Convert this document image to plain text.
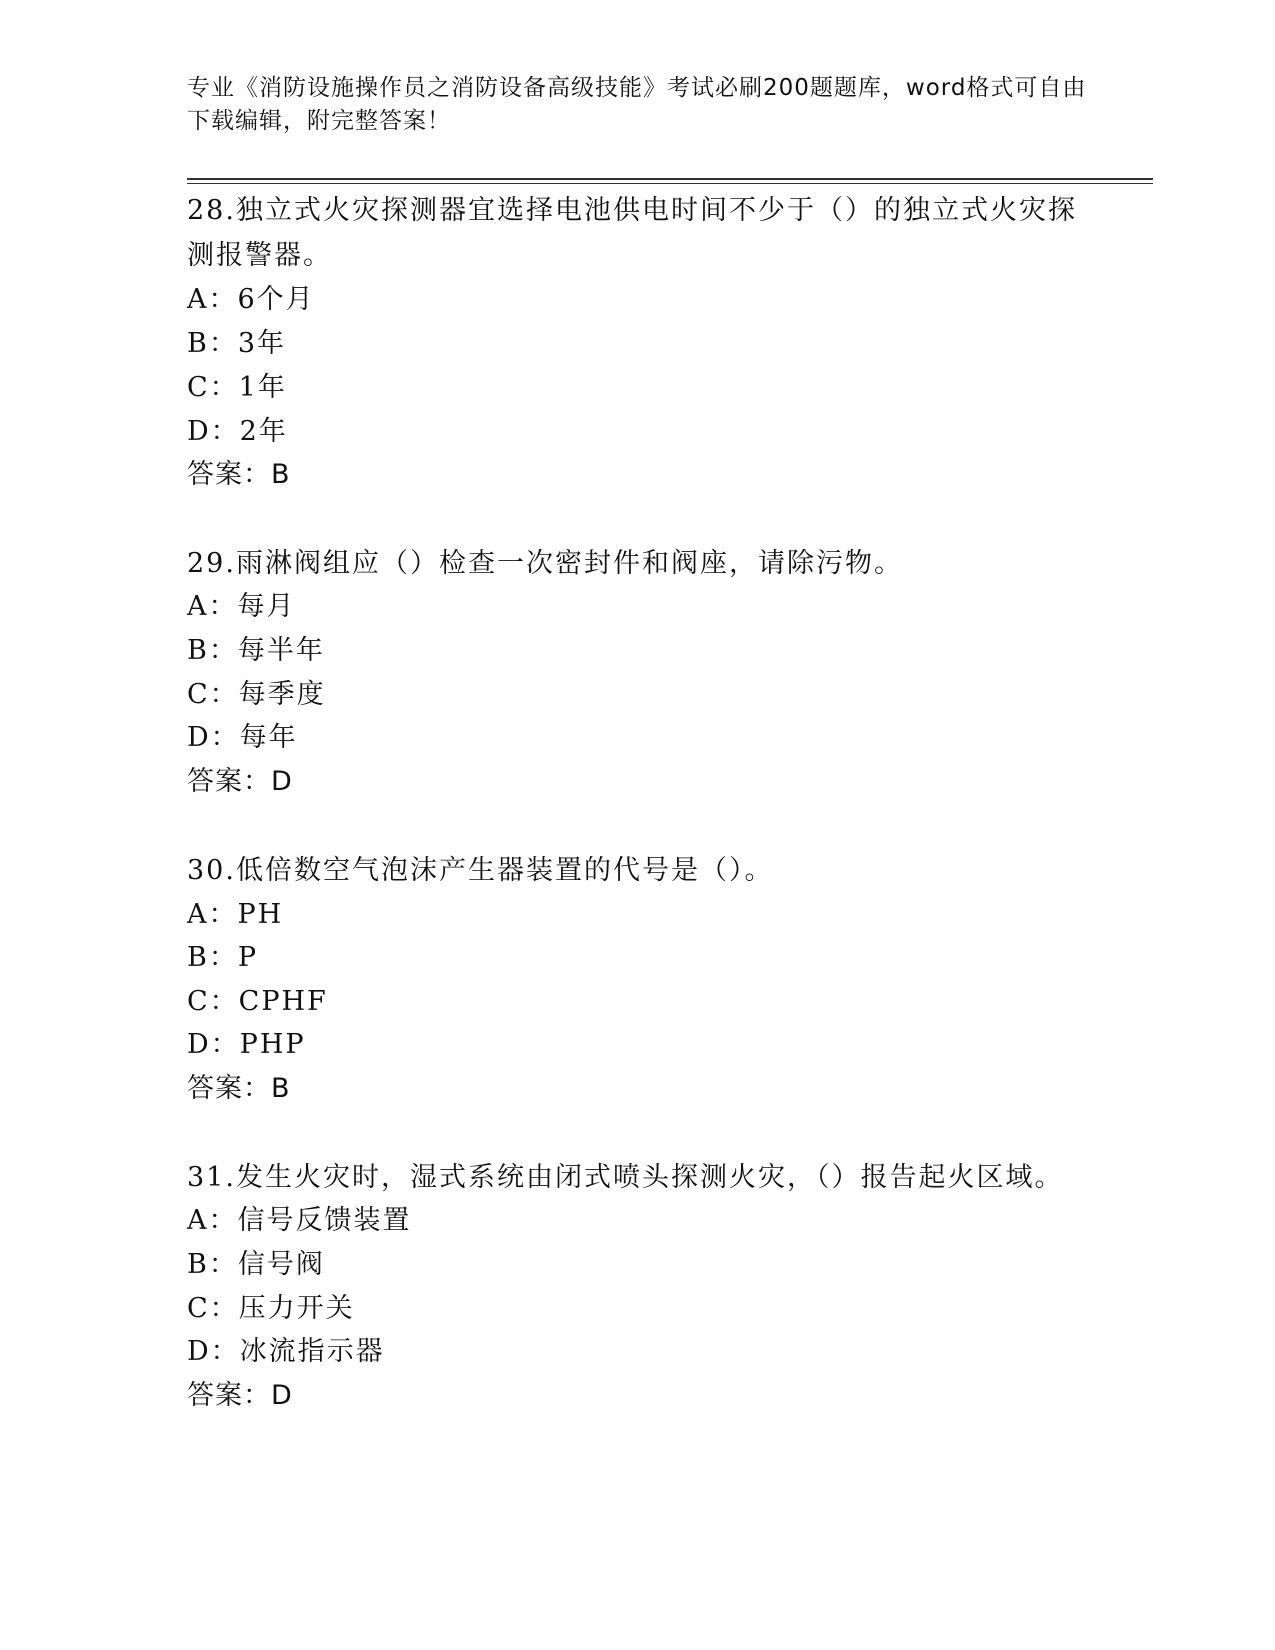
专业《消防设施操作员之消防设备高级技能》考试必刷200题题库，word格式可自由下载编辑，附完整答案！
28.独立式火灾探测器宜选择电池供电时间不少于（）的独立式火灾探测报警器。
A：6个月
B：3年
C：1年
D：2年
答案：B
29.雨淋阀组应（）检查一次密封件和阀座，请除污物。
A：每月
B：每半年
C：每季度
D：每年
答案：D
30.低倍数空气泡沫产生器装置的代号是（）。
A：PH
B：P
C：CPHF
D：PHP
答案：B
31.发生火灾时，湿式系统由闭式喷头探测火灾，（）报告起火区域。
A：信号反馈装置
B：信号阀
C：压力开关
D：冰流指示器
答案：D
